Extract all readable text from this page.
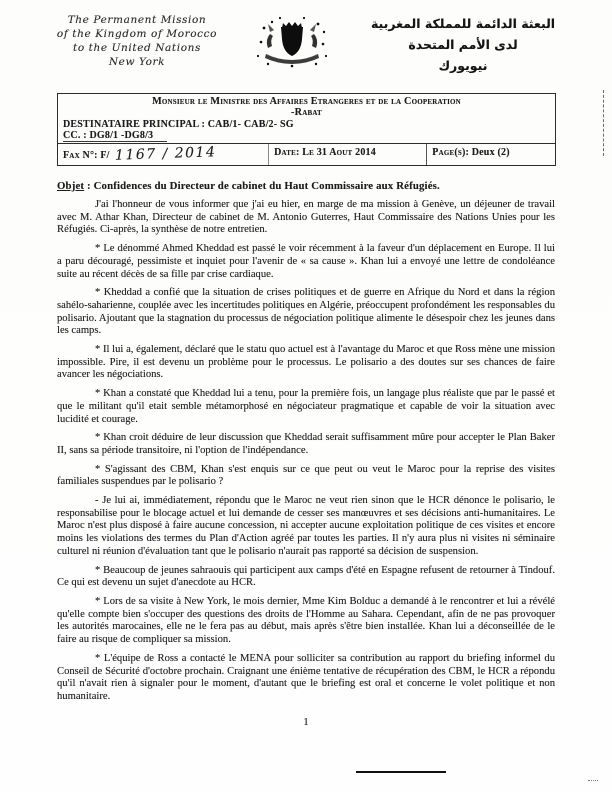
The Permanent Mission
of the Kingdom of Morocco
to the United Nations
New York
البعثة الدائمة للمملكة المغربية
لدى الأمم المتحدة
نيويورك
Monsieur le Ministre des Affaires Etrangeres et de la Cooperation
-Rabat
DESTINATAIRE PRINCIPAL : CAB/1- CAB/2- SG
CC. : DG8/1 -DG8/3
Fax N°: F/ 1167 / 2014	Date: Le 31 Aout 2014	Page(s): Deux (2)
Objet : Confidences du Directeur de cabinet du Haut Commissaire aux Réfugiés.

J'ai l'honneur de vous informer que j'ai eu hier, en marge de ma mission à Genève, un déjeuner de travail avec M. Athar Khan, Directeur de cabinet de M. Antonio Guterres, Haut Commissaire des Nations Unies pour les Réfugiés. Ci-après, la synthèse de notre entretien.

* Le dénommé Ahmed Kheddad est passé le voir récemment à la faveur d'un déplacement en Europe. Il lui a paru découragé, pessimiste et inquiet pour l'avenir de « sa cause ». Khan lui a envoyé une lettre de condoléance suite au récent décès de sa fille par crise cardiaque.

* Kheddad a confié que la situation de crises politiques et de guerre en Afrique du Nord et dans la région sahélo-saharienne, couplée avec les incertitudes politiques en Algérie, préoccupent profondément les responsables du polisario. Ajoutant que la stagnation du processus de négociation politique alimente le désespoir chez les jeunes dans les camps.

* Il lui a, également, déclaré que le statu quo actuel est à l'avantage du Maroc et que Ross mène une mission impossible. Pire, il est devenu un problème pour le processus. Le polisario a des doutes sur ses chances de faire avancer les négociations.

* Khan a constaté que Kheddad lui a tenu, pour la première fois, un langage plus réaliste que par le passé et que le militant qu'il etait semble métamorphosé en négociateur pragmatique et capable de voir la situation avec lucidité et courage.

* Khan croit déduire de leur discussion que Kheddad serait suffisamment mûre pour accepter le Plan Baker II, sans sa période transitoire, ni l'option de l'indépendance.

* S'agissant des CBM, Khan s'est enquis sur ce que peut ou veut le Maroc pour la reprise des visites familiales suspendues par le polisario ?

- Je lui ai, immédiatement, répondu que le Maroc ne veut rien sinon que le HCR dénonce le polisario, le responsabilise pour le blocage actuel et lui demande de cesser ses manœuvres et ses décisions anti-humanitaires. Le Maroc n'est plus disposé à faire aucune concession, ni accepter aucune exploitation politique de ces visites et encore moins les violations des termes du Plan d'Action agréé par toutes les parties. Il n'y aura plus ni visites ni séminaire culturel ni réunion d'évaluation tant que le polisario n'aurait pas rapporté sa décision de suspension.

* Beaucoup de jeunes sahraouis qui participent aux camps d'été en Espagne refusent de retourner à Tindouf. Ce qui est devenu un sujet d'anecdote au HCR.

* Lors de sa visite à New York, le mois dernier, Mme Kim Bolduc a demandé à le rencontrer et lui a révélé qu'elle compte bien s'occuper des questions des droits de l'Homme au Sahara. Cependant, afin de ne pas provoquer les autorités marocaines, elle ne le fera pas au début, mais après s'être bien installée. Khan lui a déconseillée de le faire au risque de compliquer sa mission.

* L'équipe de Ross a contacté le MENA pour solliciter sa contribution au rapport du briefing informel du Conseil de Sécurité d'octobre prochain. Craignant une énième tentative de récupération des CBM, le HCR a répondu qu'il n'avait rien à signaler pour le moment, d'autant que le briefing est oral et concerne le volet politique et non humanitaire.

1
